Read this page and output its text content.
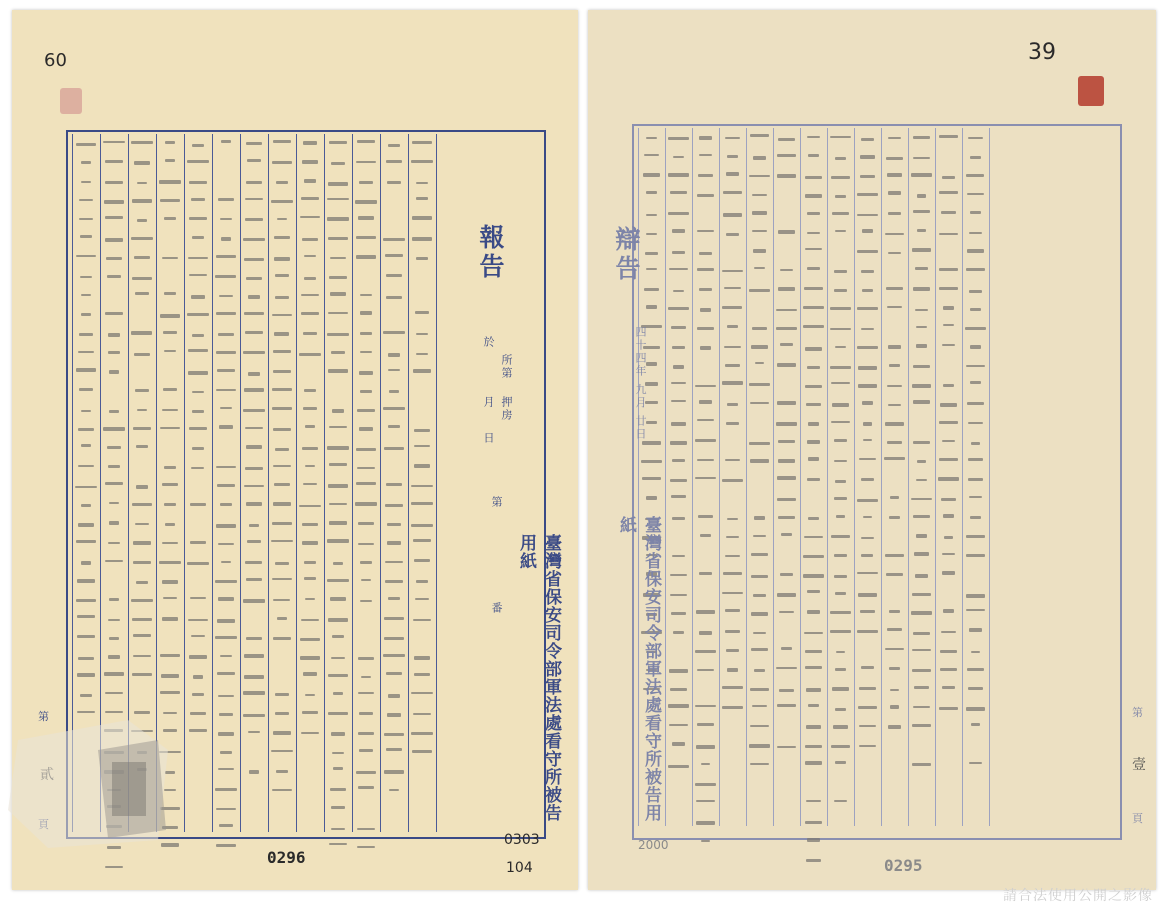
60
報告
於
月
日
所第
押房
第
番	臺灣省保安司令部軍法處看守所被告用紙
第
0296
0303
104
39
辯告
四十四年 九月 廿日
臺灣省保安司令部軍法處看守所被告用紙
第
壹
頁
0295
2000
請合法使用公開之影像
